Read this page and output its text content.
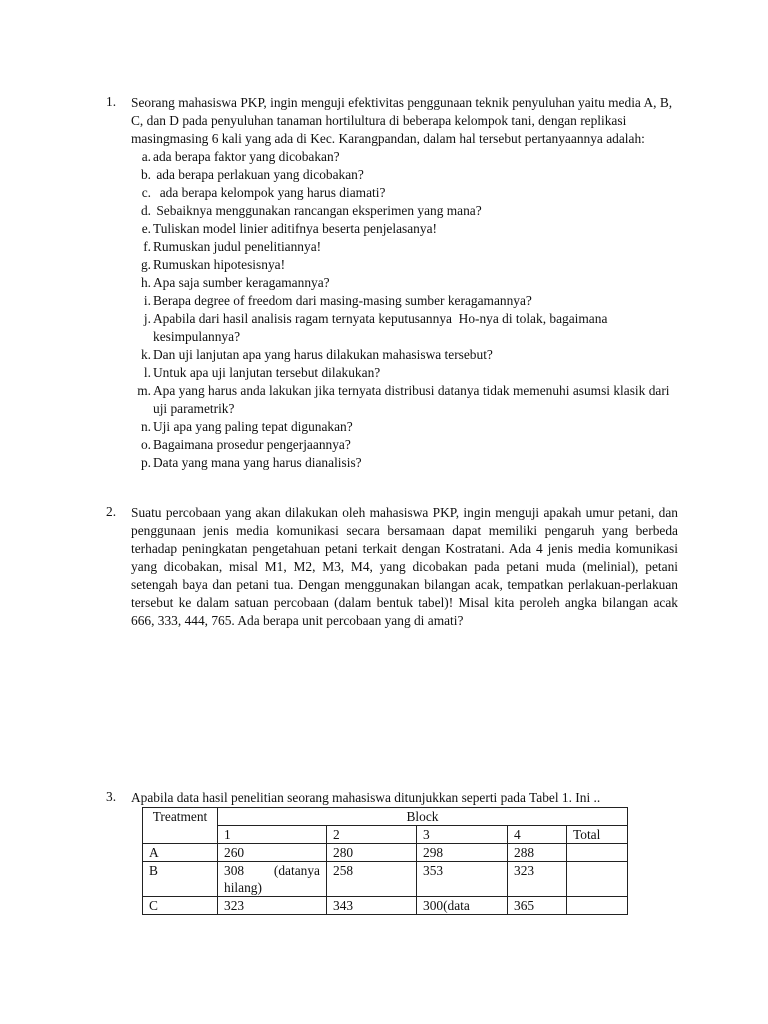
1. Seorang mahasiswa PKP, ingin menguji efektivitas penggunaan teknik penyuluhan yaitu media A, B, C, dan D pada penyuluhan tanaman hortilultura di beberapa kelompok tani, dengan replikasi masingmasing 6 kali yang ada di Kec. Karangpandan, dalam hal tersebut pertanyaannya adalah:
a. ada berapa faktor yang dicobakan?
b. ada berapa perlakuan yang dicobakan?
c. ada berapa kelompok yang harus diamati?
d. Sebaiknya menggunakan rancangan eksperimen yang mana?
e. Tuliskan model linier aditifnya beserta penjelasanya!
f. Rumuskan judul penelitiannya!
g. Rumuskan hipotesisnya!
h. Apa saja sumber keragamannya?
i. Berapa degree of freedom dari masing-masing sumber keragamannya?
j. Apabila dari hasil analisis ragam ternyata keputusannya  Ho-nya di tolak, bagaimana kesimpulannya?
k. Dan uji lanjutan apa yang harus dilakukan mahasiswa tersebut?
l. Untuk apa uji lanjutan tersebut dilakukan?
m. Apa yang harus anda lakukan jika ternyata distribusi datanya tidak memenuhi asumsi klasik dari uji parametrik?
n. Uji apa yang paling tepat digunakan?
o. Bagaimana prosedur pengerjaannya?
p. Data yang mana yang harus dianalisis?
2. Suatu percobaan yang akan dilakukan oleh mahasiswa PKP, ingin menguji apakah umur petani, dan penggunaan jenis media komunikasi secara bersamaan dapat memiliki pengaruh yang berbeda terhadap peningkatan pengetahuan petani terkait dengan Kostratani. Ada 4 jenis media komunikasi yang dicobakan, misal M1, M2, M3, M4, yang dicobakan pada petani muda (melinial), petani setengah baya dan petani tua. Dengan menggunakan bilangan acak, tempatkan perlakuan-perlakuan tersebut ke dalam satuan percobaan (dalam bentuk tabel)! Misal kita peroleh angka bilangan acak 666, 333, 444, 765. Ada berapa unit percobaan yang di amati?
3. Apabila data hasil penelitian seorang mahasiswa ditunjukkan seperti pada Tabel 1. Ini ..
Treatment	Block				
	1	2	3	4	Total
A	260	280	298	288	
B	308     (datanya hilang)	258	353	323	
C	323	343	300(data	365	
